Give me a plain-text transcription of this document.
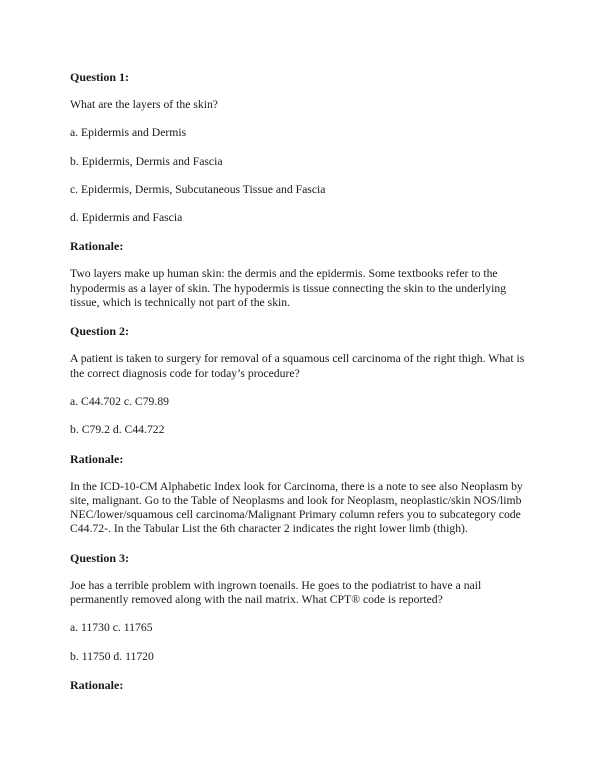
Question 1:

What are the layers of the skin?

a. Epidermis and Dermis

b. Epidermis, Dermis and Fascia

c. Epidermis, Dermis, Subcutaneous Tissue and Fascia

d. Epidermis and Fascia

Rationale:

Two layers make up human skin: the dermis and the epidermis. Some textbooks refer to the

hypodermis as a layer of skin. The hypodermis is tissue connecting the skin to the underlying

tissue, which is technically not part of the skin.

Question 2:

A patient is taken to surgery for removal of a squamous cell carcinoma of the right thigh. What is

the correct diagnosis code for today’s procedure?

a. C44.702 c. C79.89

b. C79.2 d. C44.722

Rationale:

In the ICD-10-CM Alphabetic Index look for Carcinoma, there is a note to see also Neoplasm by

site, malignant. Go to the Table of Neoplasms and look for Neoplasm, neoplastic/skin NOS/limb

NEC/lower/squamous cell carcinoma/Malignant Primary column refers you to subcategory code

C44.72-. In the Tabular List the 6th character 2 indicates the right lower limb (thigh).

Question 3:

Joe has a terrible problem with ingrown toenails. He goes to the podiatrist to have a nail

permanently removed along with the nail matrix. What CPT® code is reported?

a. 11730 c. 11765

b. 11750 d. 11720

Rationale:
